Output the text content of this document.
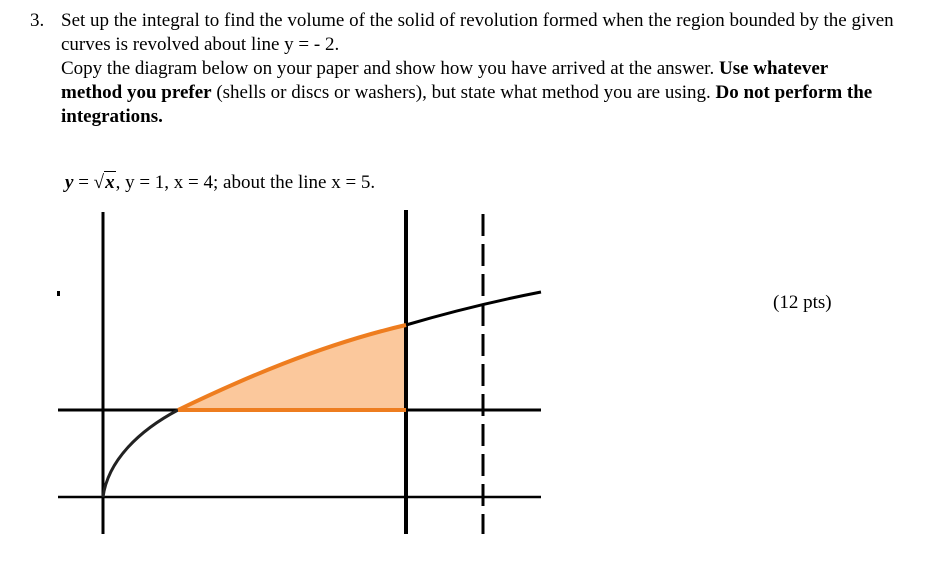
3. Set up the integral to find the volume of the solid of revolution formed when the region bounded by the given

curves is revolved about line y = - 2.

Copy the diagram below on your paper and show how you have arrived at the answer. Use whatever

method you prefer (shells or discs or washers), but state what method you are using. Do not perform the

integrations.

y = √x, y = 1, x = 4; about the line x = 5.
(12 pts)
